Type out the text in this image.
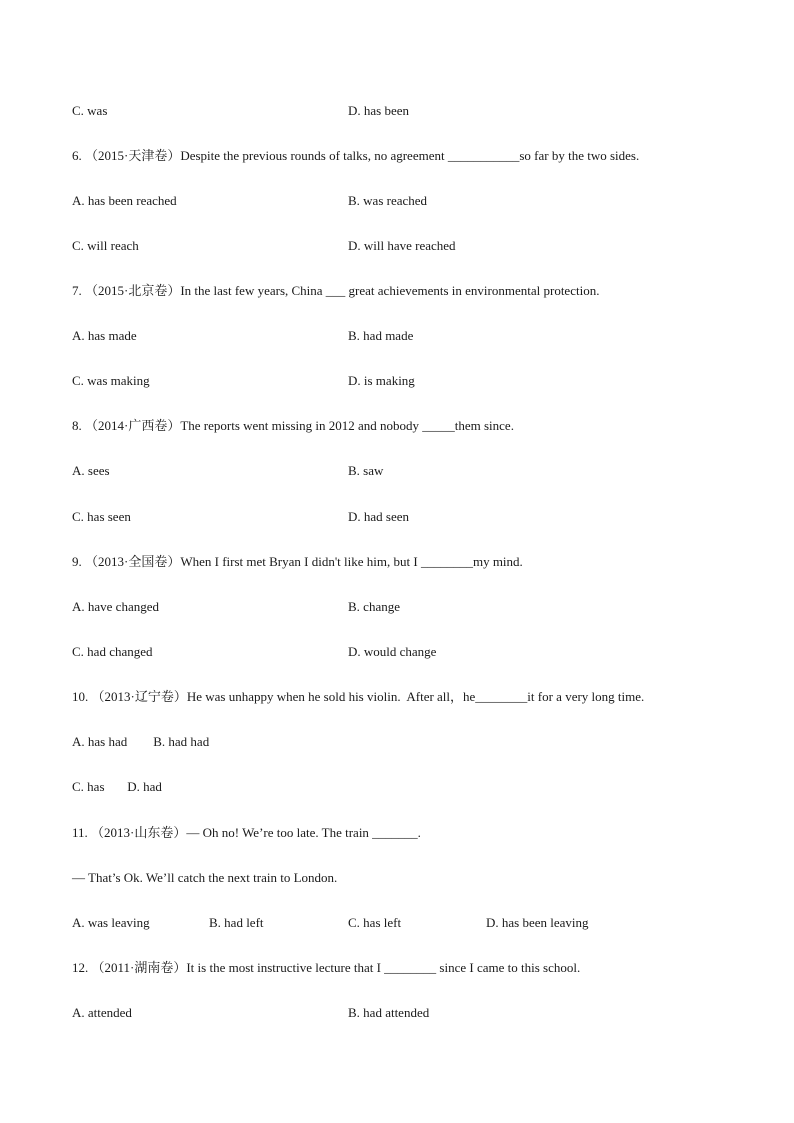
C. was	D. has been
6. （2015·天津卷）Despite the previous rounds of talks, no agreement ___________so far by the two sides.
A. has been reached	B. was reached
C. will reach	D. will have reached
7. （2015·北京卷）In the last few years, China ___ great achievements in environmental protection.
A. has made	B. had made
C. was making	D. is making
8. （2014·广西卷）The reports went missing in 2012 and nobody _____them since.
A. sees	B. saw
C. has seen	D. had seen
9. （2013·全国卷）When I first met Bryan I didn't like him, but I ________my mind.
A. have changed	B. change
C. had changed	D. would change
10. （2013·辽宁卷）He was unhappy when he sold his violin.  After all，he________it for a very long time.
A. has had        B. had had
C. has       D. had
11. （2013·山东卷）— Oh no! We’re too late. The train _______.
— That’s Ok. We’ll catch the next train to London.
A. was leaving	B. had left	C. has left	D. has been leaving
12. （2011·湖南卷）It is the most instructive lecture that I ________ since I came to this school.
A. attended	B. had attended
